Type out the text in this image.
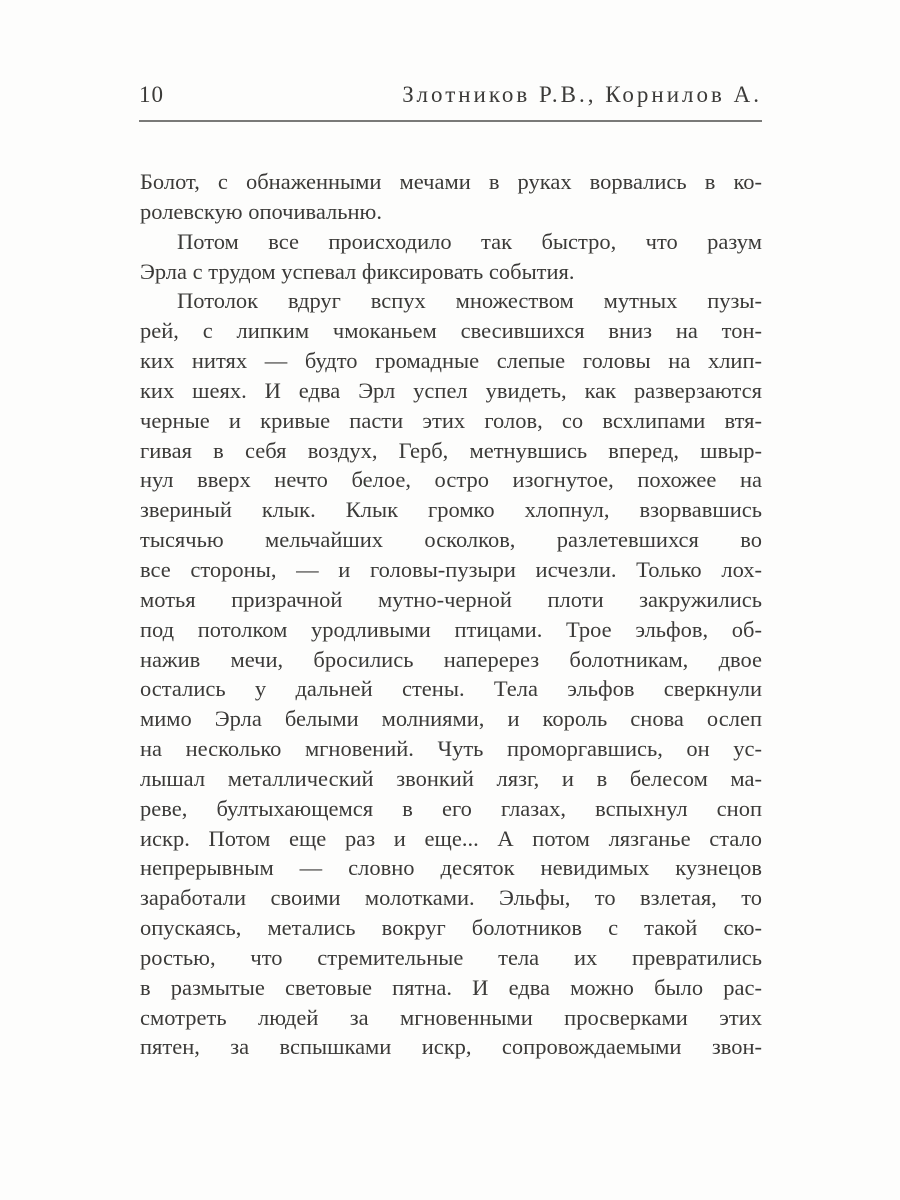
10	Злотников Р.В., Корнилов А.
Болот, с обнаженными мечами в руках ворвались в ко-
ролевскую опочивальню.
Потом все происходило так быстро, что разум
Эрла с трудом успевал фиксировать события.
Потолок вдруг вспух множеством мутных пузы-
рей, с липким чмоканьем свесившихся вниз на тон-
ких нитях — будто громадные слепые головы на хлип-
ких шеях. И едва Эрл успел увидеть, как разверзаются
черные и кривые пасти этих голов, со всхлипами втя-
гивая в себя воздух, Герб, метнувшись вперед, швыр-
нул вверх нечто белое, остро изогнутое, похожее на
звериный клык. Клык громко хлопнул, взорвавшись
тысячью мельчайших осколков, разлетевшихся во
все стороны, — и головы-пузыри исчезли. Только лох-
мотья призрачной мутно-черной плоти закружились
под потолком уродливыми птицами. Трое эльфов, об-
нажив мечи, бросились наперерез болотникам, двое
остались у дальней стены. Тела эльфов сверкнули
мимо Эрла белыми молниями, и король снова ослеп
на несколько мгновений. Чуть проморгавшись, он ус-
лышал металлический звонкий лязг, и в белесом ма-
реве, бултыхающемся в его глазах, вспыхнул сноп
искр. Потом еще раз и еще... А потом лязганье стало
непрерывным — словно десяток невидимых кузнецов
заработали своими молотками. Эльфы, то взлетая, то
опускаясь, метались вокруг болотников с такой ско-
ростью, что стремительные тела их превратились
в размытые световые пятна. И едва можно было рас-
смотреть людей за мгновенными просверками этих
пятен, за вспышками искр, сопровождаемыми звон-
